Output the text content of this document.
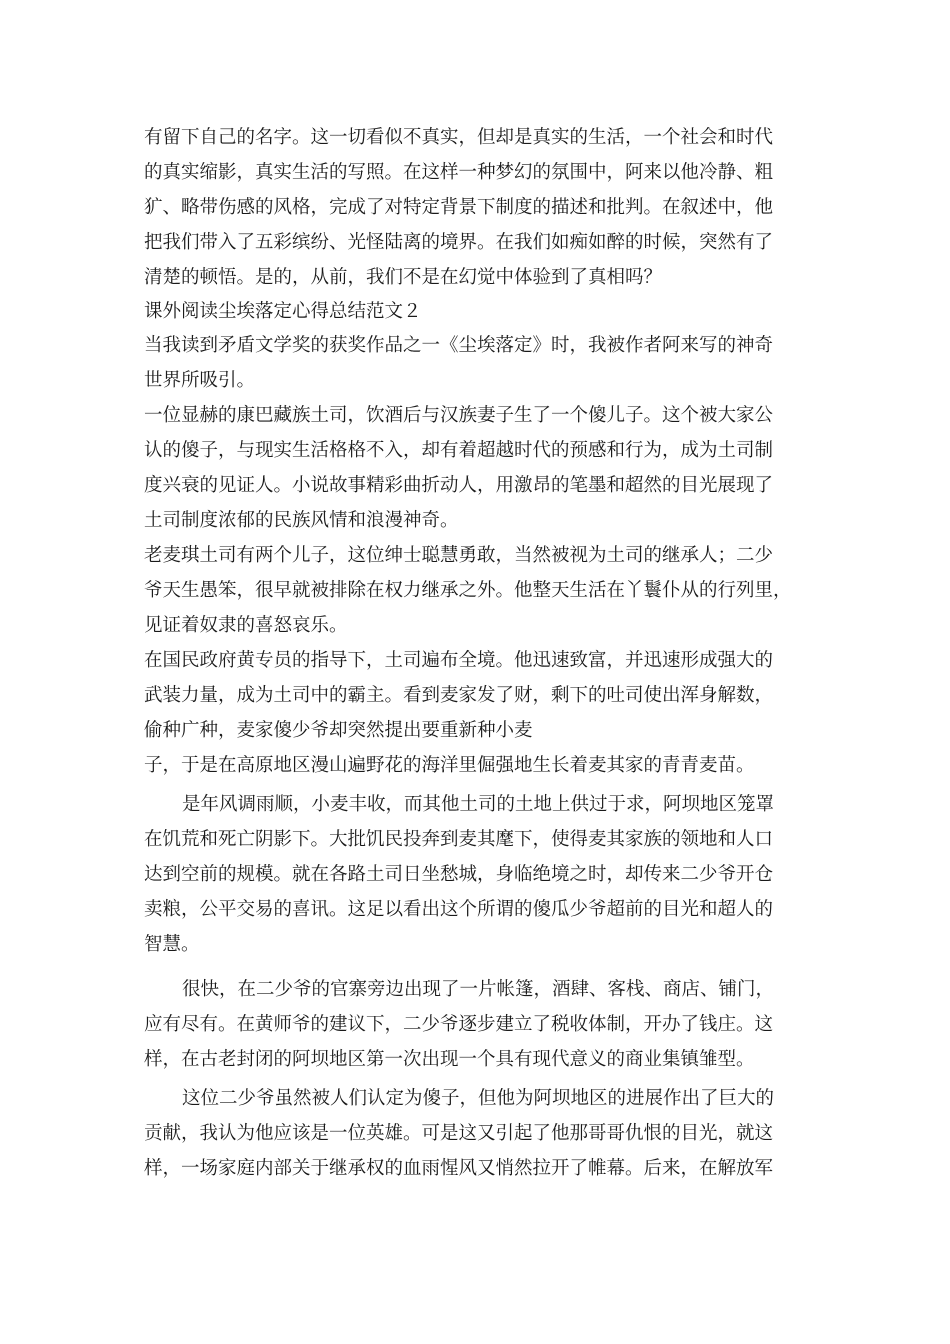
有留下自己的名字。这一切看似不真实，但却是真实的生活，一个社会和时代
的真实缩影，真实生活的写照。在这样一种梦幻的氛围中，阿来以他冷静、粗
犷、略带伤感的风格，完成了对特定背景下制度的描述和批判。在叙述中，他
把我们带入了五彩缤纷、光怪陆离的境界。在我们如痴如醉的时候，突然有了
清楚的顿悟。是的，从前，我们不是在幻觉中体验到了真相吗？
课外阅读尘埃落定心得总结范文２
当我读到矛盾文学奖的获奖作品之一《尘埃落定》时，我被作者阿来写的神奇
世界所吸引。
一位显赫的康巴藏族土司，饮酒后与汉族妻子生了一个傻儿子。这个被大家公
认的傻子，与现实生活格格不入，却有着超越时代的预感和行为，成为土司制
度兴衰的见证人。小说故事精彩曲折动人，用激昂的笔墨和超然的目光展现了
土司制度浓郁的民族风情和浪漫神奇。
老麦琪土司有两个儿子，这位绅士聪慧勇敢，当然被视为土司的继承人；二少
爷天生愚笨，很早就被排除在权力继承之外。他整天生活在丫鬟仆从的行列里，
见证着奴隶的喜怒哀乐。
在国民政府黄专员的指导下，土司遍布全境。他迅速致富，并迅速形成强大的
武装力量，成为土司中的霸主。看到麦家发了财，剩下的吐司使出浑身解数，
偷种广种，麦家傻少爷却突然提出要重新种小麦
子，于是在高原地区漫山遍野花的海洋里倔强地生长着麦其家的青青麦苗。
是年风调雨顺，小麦丰收，而其他土司的土地上供过于求，阿坝地区笼罩
在饥荒和死亡阴影下。大批饥民投奔到麦其麾下，使得麦其家族的领地和人口
达到空前的规模。就在各路土司日坐愁城，身临绝境之时，却传来二少爷开仓
卖粮，公平交易的喜讯。这足以看出这个所谓的傻瓜少爷超前的目光和超人的
智慧。
很快，在二少爷的官寨旁边出现了一片帐篷，酒肆、客栈、商店、铺门，
应有尽有。在黄师爷的建议下，二少爷逐步建立了税收体制，开办了钱庄。这
样，在古老封闭的阿坝地区第一次出现一个具有现代意义的商业集镇雏型。
这位二少爷虽然被人们认定为傻子，但他为阿坝地区的进展作出了巨大的
贡献，我认为他应该是一位英雄。可是这又引起了他那哥哥仇恨的目光，就这
样，一场家庭内部关于继承权的血雨惺风又悄然拉开了帷幕。后来，在解放军
